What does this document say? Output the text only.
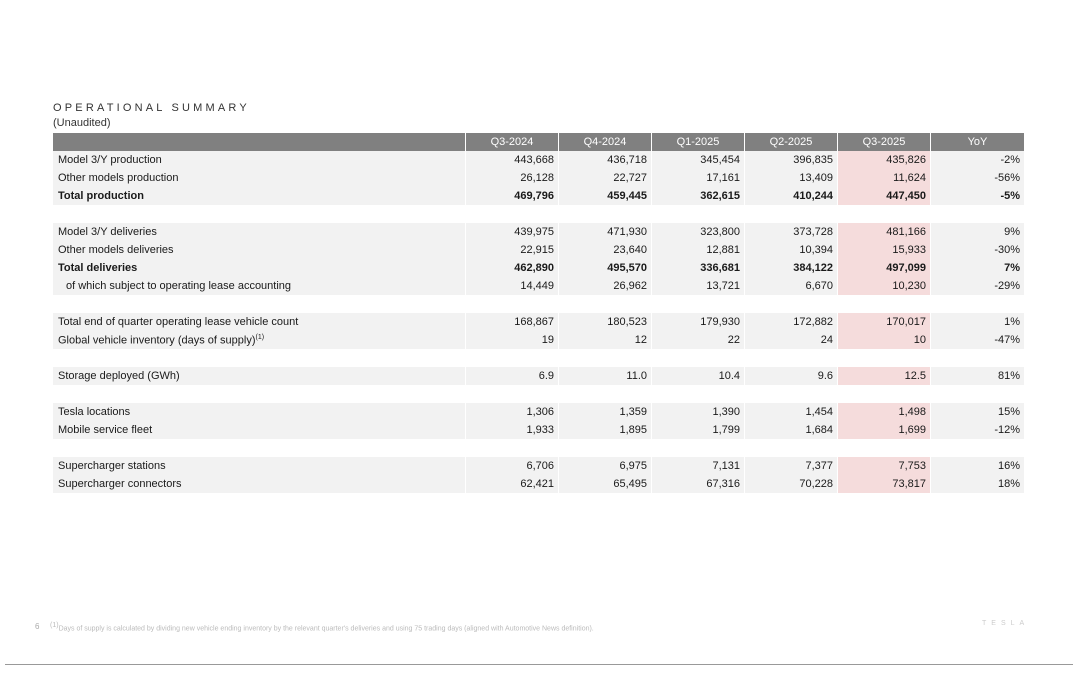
OPERATIONAL SUMMARY
(Unaudited)
	Q3-2024	Q4-2024	Q1-2025	Q2-2025	Q3-2025	YoY
Model 3/Y production	443,668	436,718	345,454	396,835	435,826	-2%
Other models production	26,128	22,727	17,161	13,409	11,624	-56%
Total production	469,796	459,445	362,615	410,244	447,450	-5%

Model 3/Y deliveries	439,975	471,930	323,800	373,728	481,166	9%
Other models deliveries	22,915	23,640	12,881	10,394	15,933	-30%
Total deliveries	462,890	495,570	336,681	384,122	497,099	7%
of which subject to operating lease accounting	14,449	26,962	13,721	6,670	10,230	-29%

Total end of quarter operating lease vehicle count	168,867	180,523	179,930	172,882	170,017	1%
Global vehicle inventory (days of supply)$^{(1)}$	19	12	22	24	10	-47%

Storage deployed (GWh)	6.9	11.0	10.4	9.6	12.5	81%

Tesla locations	1,306	1,359	1,390	1,454	1,498	15%
Mobile service fleet	1,933	1,895	1,799	1,684	1,699	-12%

Supercharger stations	6,706	6,975	7,131	7,377	7,753	16%
Supercharger connectors	62,421	65,495	67,316	70,228	73,817	18%
6 $^{(1)}$Days of supply is calculated by dividing new vehicle ending inventory by the relevant quarter's deliveries and using 75 trading days (aligned with Automotive News definition).
TESLA
